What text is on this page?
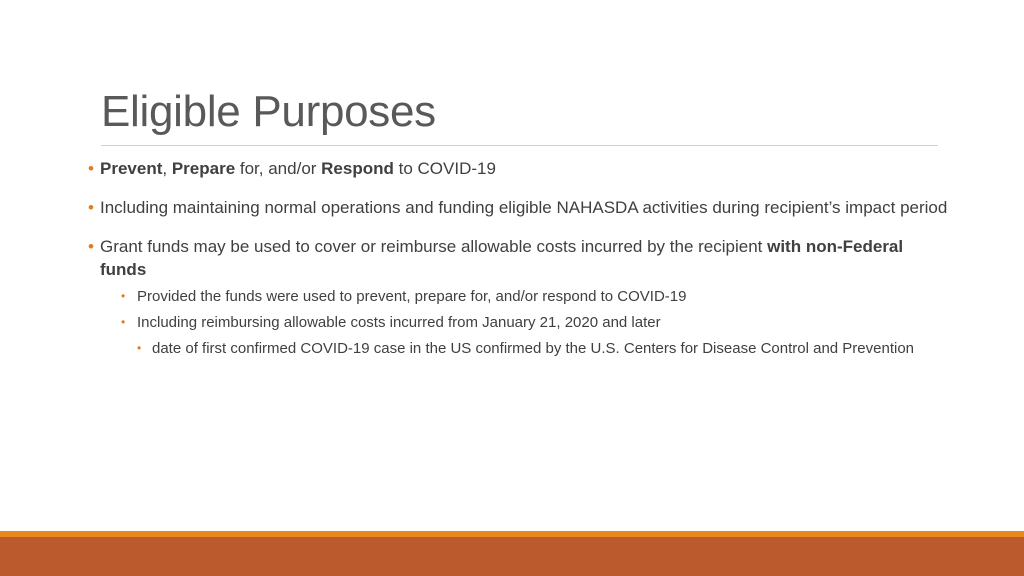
Eligible Purposes
• Prevent, Prepare for, and/or Respond to COVID-19
• Including maintaining normal operations and funding eligible NAHASDA activities during recipient’s impact period
• Grant funds may be used to cover or reimburse allowable costs incurred by the recipient with non-Federal funds
• Provided the funds were used to prevent, prepare for, and/or respond to COVID-19
• Including reimbursing allowable costs incurred from January 21, 2020 and later
• date of first confirmed COVID-19 case in the US confirmed by the U.S. Centers for Disease Control and Prevention
